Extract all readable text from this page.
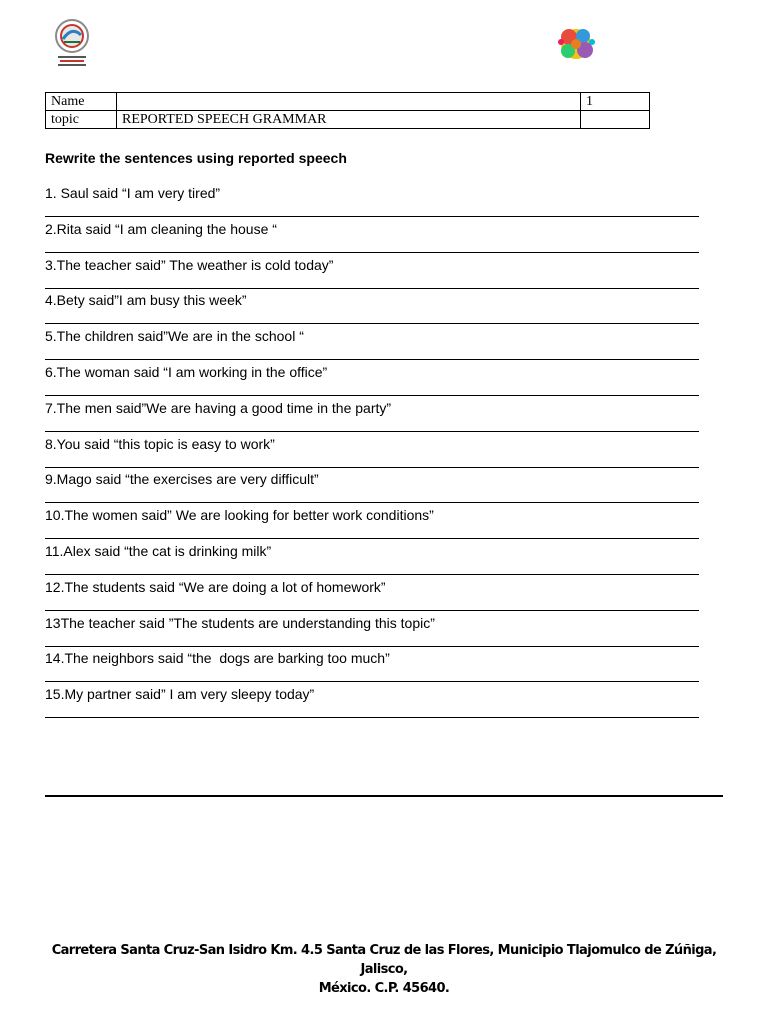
Name		1
topic	REPORTED SPEECH GRAMMAR	
Rewrite the sentences using reported speech
1. Saul said “I am very tired”
2.Rita said “I am cleaning the house “
3.The teacher said” The weather is cold today”
4.Bety said”I am busy this week”
5.The children said”We are in the school “
6.The woman said “I am working in the office”
7.The men said”We are having a good time in the party”
8.You said “this topic is easy to work”
9.Mago said “the exercises are very difficult”
10.The women said” We are looking for better work conditions”
11.Alex said “the cat is drinking milk”
12.The students said “We are doing a lot of homework”
13The teacher said ”The students are understanding this topic”
14.The neighbors said “the  dogs are barking too much”
15.My partner said” I am very sleepy today”
Carretera Santa Cruz-San Isidro Km. 4.5 Santa Cruz de las Flores, Municipio Tlajomulco de Zúñiga, Jalisco,
México. C.P. 45640.
